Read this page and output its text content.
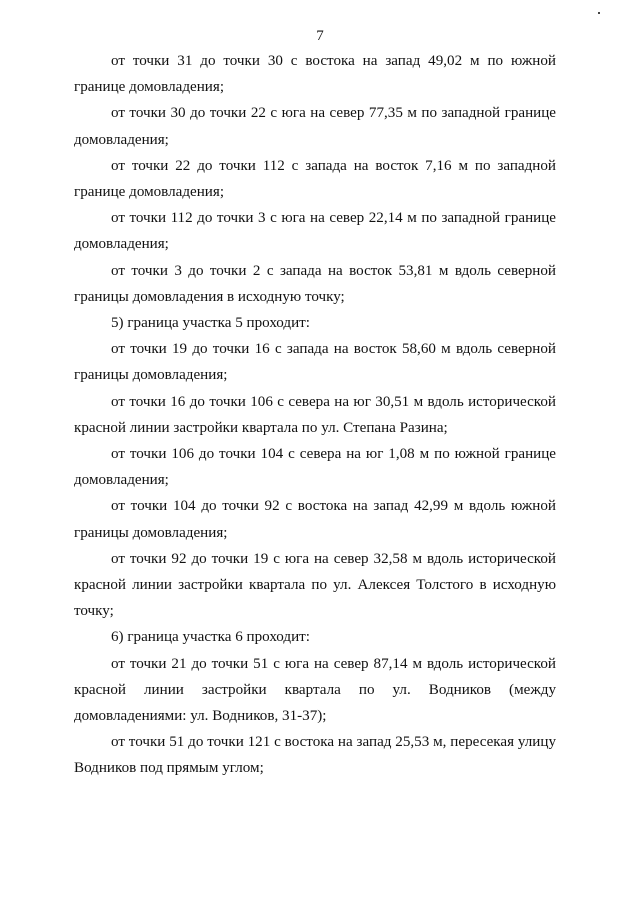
7

от точки 31 до точки 30 с востока на запад 49,02 м по южной границе домовладения;

от точки 30 до точки 22 с юга на север 77,35 м по западной границе домовладения;

от точки 22 до точки 112 с запада на восток 7,16 м по западной границе домовладения;

от точки 112 до точки 3 с юга на север 22,14 м по западной границе домовладения;

от точки 3 до точки 2 с запада на восток 53,81 м вдоль северной границы домовладения в исходную точку;

5) граница участка 5 проходит:

от точки 19 до точки 16 с запада на восток 58,60 м вдоль северной границы домовладения;

от точки 16 до точки 106 с севера на юг 30,51 м вдоль исторической красной линии застройки квартала по ул. Степана Разина;

от точки 106 до точки 104 с севера на юг 1,08 м по южной границе домовладения;

от точки 104 до точки 92 с востока на запад 42,99 м вдоль южной границы домовладения;

от точки 92 до точки 19 с юга на север 32,58 м вдоль исторической красной линии застройки квартала по ул. Алексея Толстого в исходную точку;

6) граница участка 6 проходит:

от точки 21 до точки 51 с юга на север 87,14 м вдоль исторической красной линии застройки квартала по ул. Водников (между домовладениями: ул. Водников, 31-37);

от точки 51 до точки 121 с востока на запад 25,53 м, пересекая улицу Водников под прямым углом;
